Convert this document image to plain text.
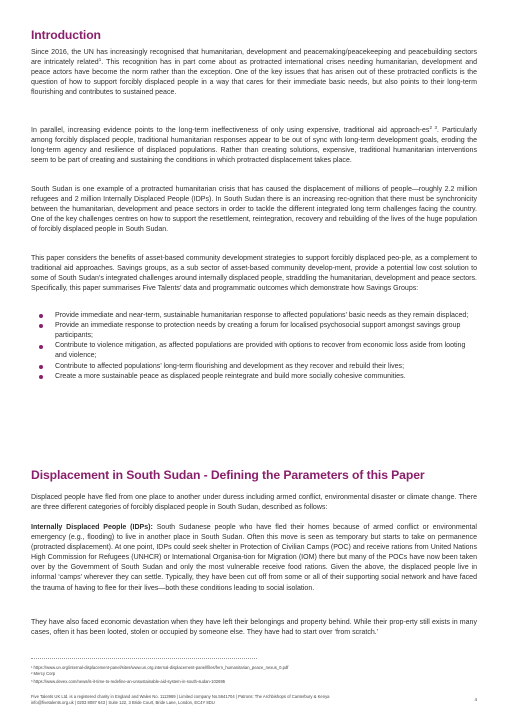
Introduction

Since 2016, the UN has increasingly recognised that humanitarian, development and peacemaking/peacekeeping and peacebuilding sectors are intricately related$^1$. This recognition has in part come about as protracted international crises needing humanitarian, development and peace actors have become the norm rather than the exception. One of the key issues that has arisen out of these protracted conflicts is the question of how to support forcibly displaced people in a way that cares for their immediate basic needs, but also points to their long-term flourishing and contributes to sustained peace.

In parallel, increasing evidence points to the long-term ineffectiveness of only using expensive, traditional aid approach-$es^{2 3}$. Particularly among forcibly displaced people, traditional humanitarian responses appear to be out of sync with long-term development goals, eroding the long-term agency and resilience of displaced populations. Rather than creating solutions, expensive, traditional humanitarian interventions seem to be part of creating and sustaining the conditions in which protracted displacement takes place.

South Sudan is one example of a protracted humanitarian crisis that has caused the displacement of millions of people—roughly 2.2 million refugees and 2 million Internally Displaced People (IDPs). In South Sudan there is an increasing rec-ognition that there must be synchronicity between the humanitarian, development and peace sectors in order to tackle the different integrated long term challenges facing the country. One of the key challenges centres on how to support the resettlement, reintegration, recovery and rebuilding of the lives of the huge population of forcibly displaced people in South Sudan.

This paper considers the benefits of asset-based community development strategies to support forcibly displaced peo-ple, as a complement to traditional aid approaches. Savings groups, as a sub sector of asset-based community develop-ment, provide a potential low cost solution to some of South Sudan’s integrated challenges around internally displaced people, straddling the humanitarian, development and peace sectors. Specifically, this paper summarises Five Talents’ data and programmatic outcomes which demonstrate how Savings Groups:

Provide immediate and near-term, sustainable humanitarian response to affected populations’ basic needs as they remain displaced;
Provide an immediate response to protection needs by creating a forum for localised psychosocial support amongst savings group participants;
Contribute to violence mitigation, as affected populations are provided with options to recover from economic loss aside from looting and violence;
Contribute to affected populations’ long-term flourishing and development as they recover and rebuild their lives;
Create a more sustainable peace as displaced people reintegrate and build more socially cohesive communities.
Displacement in South Sudan - Defining the Parameters of this Paper

Displaced people have fled from one place to another under duress including armed conflict, environmental disaster or climate change. There are three different categories of forcibly displaced people in South Sudan, described as follows:

Internally Displaced People (IDPs): South Sudanese people who have fled their homes because of armed conflict or environmental emergency (e.g., flooding) to live in another place in South Sudan. Often this move is seen as temporary but starts to take on permanence (protracted displacement). At one point, IDPs could seek shelter in Protection of Civilian Camps (POC) and receive rations from United Nations High Commission for Refugees (UNHCR) or International Organisa-tion for Migration (IOM) there but many of the POCs have now been taken over by the Government of South Sudan and only the most vulnerable receive food rations. Given the above, the displaced people live in informal ‘camps’ wherever they can settle. Typically, they have been cut off from some or all of their supporting social network and have faced the trauma of having to flee for their lives—both these conditions leading to social isolation.

They have also faced economic devastation when they have left their belongings and property behind. While their prop-erty still exists in many cases, often it has been looted, stolen or occupied by someone else. They have had to start over ‘from scratch.’

¹ https://www.un.org/internal-displacement-panel/sites/www.un.org.internal-displacement-panel/files/fern_humanitarian_peace_nexus_0.pdf
² Mercy Corp
³ https://www.devex.com/news/is-it-time-to-redefine-an-unsustainable-aid-system-in-south-sudan-102695
Five Talents UK Ltd. is a registered charity in England and Wales No. 1113969 | Limited company No.5641704 | Patrons: The Archbishops of Canterbury & Kenya
info@fivetalents.org.uk | 0203 8087 643 | Suite 122, 3 Bride Court, Bride Lane, London, EC4Y 8DU
4
